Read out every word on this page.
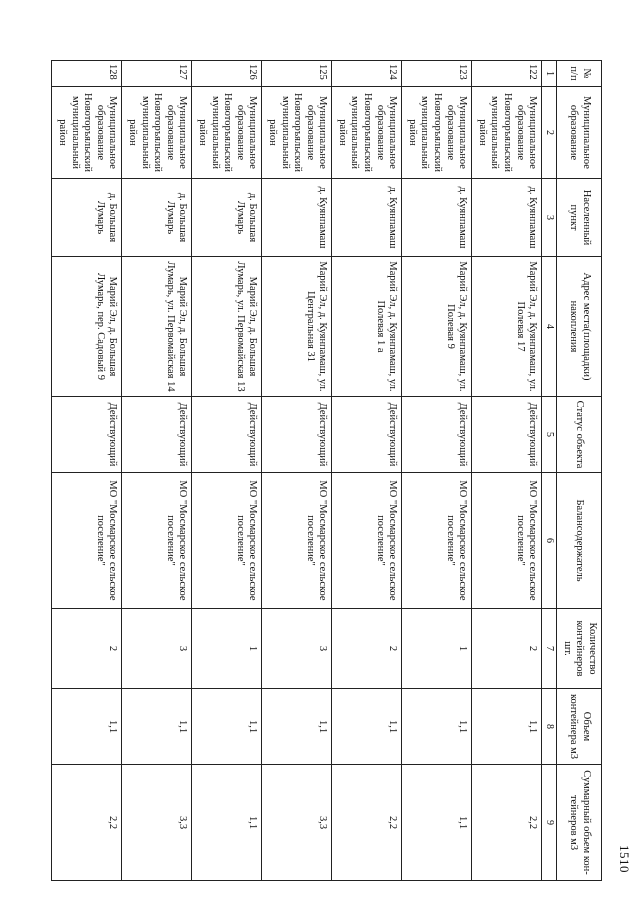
1510
№ п/п	Муниципальное образование	Населенный пункт	Адрес места(площадки) накопления	Статус объекта	Балансодержатель	Количество контейнеров шт.	Объем контейнера м3	Суммарный объем кон-тейнеров м3
1	2	3	4	5	6	7	8	9
122	Муниципальное
образование
Новоторъяльский
муниципальный
район	д. Куянпамаш	Марий Эл, д. Куянпамаш, ул. Полевая 17	Действующий	МО "Мосмарское сельское поселение"	2	1,1	2,2
123	Муниципальное
образование
Новоторъяльский
муниципальный
район	д. Куянпамаш	Марий Эл, д. Куянпамаш, ул. Полевая 9	Действующий	МО "Мосмарское сельское поселение"	1	1,1	1,1
124	Муниципальное
образование
Новоторъяльский
муниципальный
район	д. Куянпамаш	Марий Эл, д. Куянпамаш, ул. Полевая 1 а	Действующий	МО "Мосмарское сельское поселение"	2	1,1	2,2
125	Муниципальное
образование
Новоторъяльский
муниципальный
район	д. Куянпамаш	Марий Эл, д. Куянпамаш, ул. Центральная 31	Действующий	МО "Мосмарское сельское поселение"	3	1,1	3,3
126	Муниципальное
образование
Новоторъяльский
муниципальный
район	д. Большая Лумарь	Марий Эл, д. Большая Лумарь, ул. Первомайская 13	Действующий	МО "Мосмарское сельское поселение"	1	1,1	1,1
127	Муниципальное
образование
Новоторъяльский
муниципальный
район	д. Большая Лумарь	Марий Эл, д. Большая Лумарь, ул. Первомайская 14	Действующий	МО "Мосмарское сельское поселение"	3	1,1	3,3
128	Муниципальное
образование
Новоторъяльский
муниципальный
район	д. Большая Лумарь	Марий Эл, д. Большая Лумарь, пер. Садовый 9	Действующий	МО "Мосмарское сельское поселение"	2	1,1	2,2
